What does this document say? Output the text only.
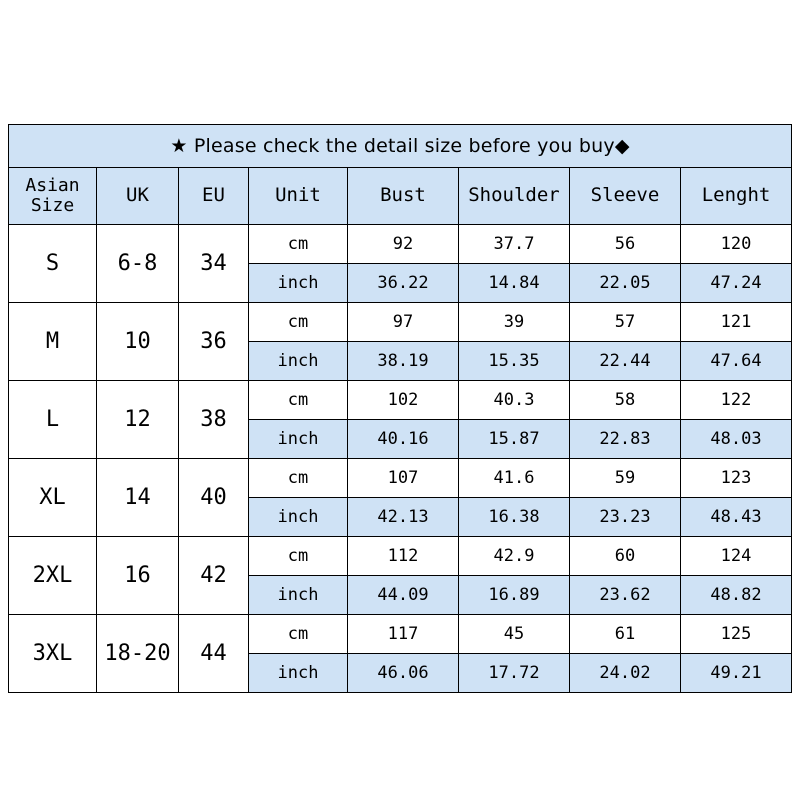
★ Please check the detail size before you buy◆							

Asian
Size	UK	EU	Unit	Bust	Shoulder	Sleeve	Lenght
S	6-8	34	cm	92	37.7	56	120
			inch	36.22	14.84	22.05	47.24
M	10	36	cm	97	39	57	121
			inch	38.19	15.35	22.44	47.64
L	12	38	cm	102	40.3	58	122
			inch	40.16	15.87	22.83	48.03
XL	14	40	cm	107	41.6	59	123
			inch	42.13	16.38	23.23	48.43
2XL	16	42	cm	112	42.9	60	124
			inch	44.09	16.89	23.62	48.82
3XL	18-20	44	cm	117	45	61	125
			inch	46.06	17.72	24.02	49.21
